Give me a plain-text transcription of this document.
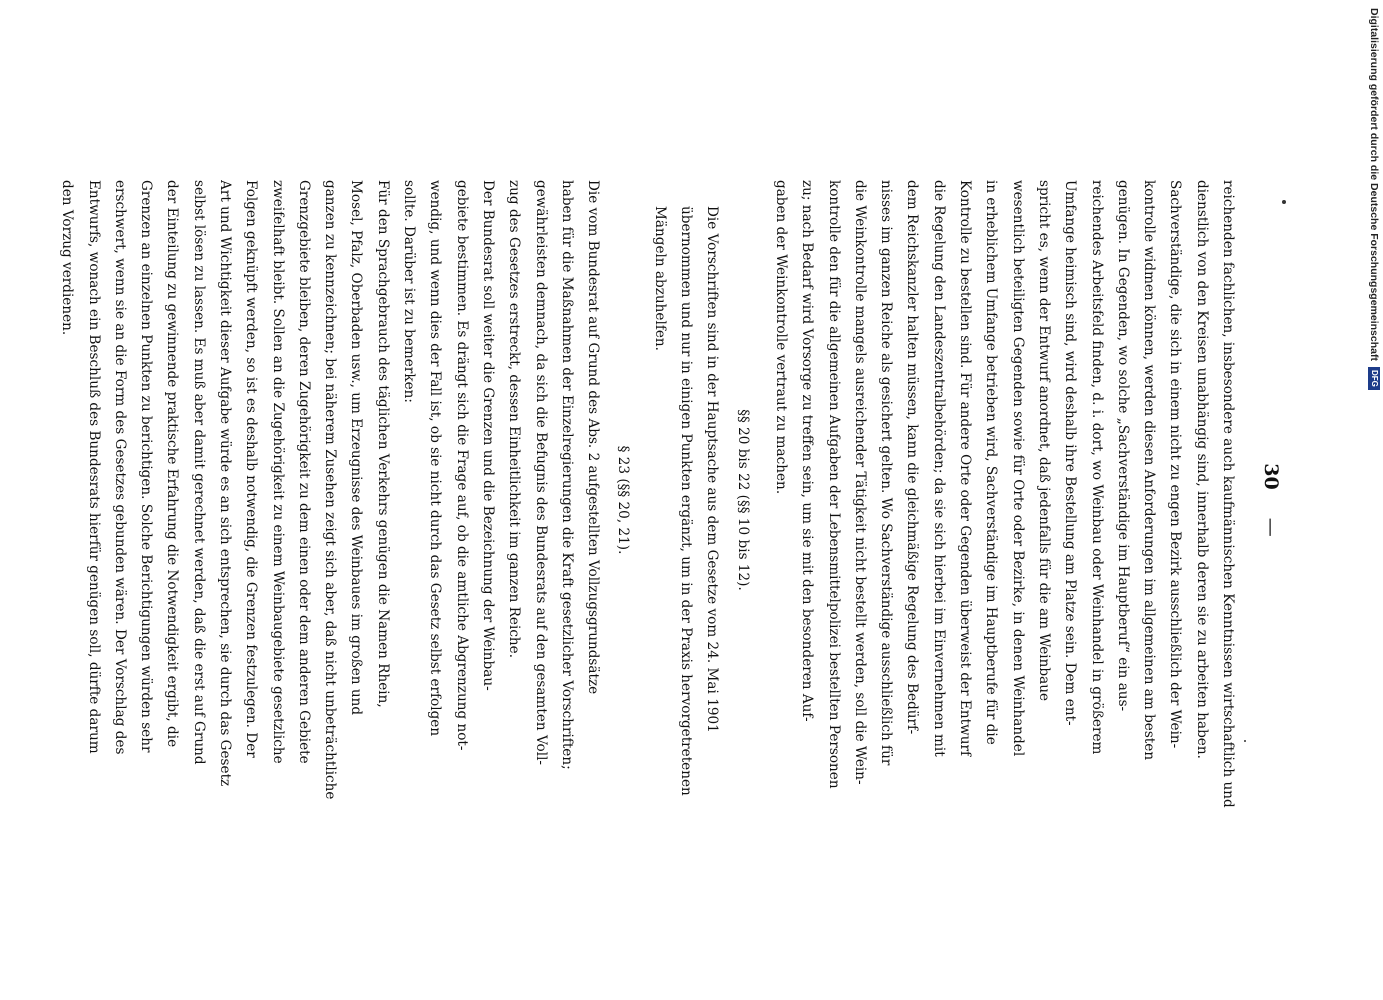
30
—

reichenden fachlichen, insbesondere auch kaufmännischen Kenntnissen wirtschaftlich und
dienstlich von den Kreisen unabhängig sind, innerhalb deren sie zu arbeiten haben.
Sachverständige, die sich in einem nicht zu engen Bezirk ausschließlich der Wein-
kontrolle widmen können, werden diesen Anforderungen im allgemeinen am besten
genügen. In Gegenden, wo solche „Sachverständige im Hauptberuf“ ein aus-
reichendes Arbeitsfeld finden, d. i. dort, wo Weinbau oder Weinhandel in größerem
Umfange heimisch sind, wird deshalb ihre Bestellung am Platze sein. Dem ent-
spricht es, wenn der Entwurf anordnet, daß jedenfalls für die am Weinbaue
wesentlich beteiligten Gegenden sowie für Orte oder Bezirke, in denen Weinhandel
in erheblichem Umfange betrieben wird, Sachverständige im Hauptberufe für die
Kontrolle zu bestellen sind. Für andere Orte oder Gegenden überweist der Entwurf
die Regelung den Landeszentralbehörden; da sie sich hierbei im Einvernehmen mit
dem Reichskanzler halten müssen, kann die gleichmäßige Regelung des Bedürf-
nisses im ganzen Reiche als gesichert gelten. Wo Sachverständige ausschließlich für
die Weinkontrolle mangels ausreichender Tätigkeit nicht bestellt werden, soll die Wein-
kontrolle den für die allgemeinen Aufgaben der Lebensmittelpolizei bestellten Personen
zu; nach Bedarf wird Vorsorge zu treffen sein, um sie mit den besonderen Auf-
gaben der Weinkontrolle vertraut zu machen.

§§ 20 bis 22 (§§ 10 bis 12).

Die Vorschriften sind in der Hauptsache aus dem Gesetze vom 24. Mai 1901
übernommen und nur in einigen Punkten ergänzt, um in der Praxis hervorgetretenen
Mängeln abzuhelfen.

§ 23 (§§ 20, 21).

Die vom Bundesrat auf Grund des Abs. 2 aufgestellten Vollzugsgrundsätze
haben für die Maßnahmen der Einzelregierungen die Kraft gesetzlicher Vorschriften;
gewährleisten demnach, da sich die Befugnis des Bundesrats auf den gesamten Voll-
zug des Gesetzes erstreckt, dessen Einheitlichkeit im ganzen Reiche.

Der Bundesrat soll weiter die Grenzen und die Bezeichnung der Weinbau-
gebiete bestimmen. Es drängt sich die Frage auf, ob die amtliche Abgrenzung not-
wendig, und wenn dies der Fall ist, ob sie nicht durch das Gesetz selbst erfolgen
sollte. Darüber ist zu bemerken:

Für den Sprachgebrauch des täglichen Verkehrs genügen die Namen Rhein,
Mosel, Pfalz, Oberbaden usw., um Erzeugnisse des Weinbaues im großen und
ganzen zu kennzeichnen; bei näherem Zusehen zeigt sich aber, daß nicht unbeträchtliche
Grenzgebiete bleiben, deren Zugehörigkeit zu dem einen oder dem anderen Gebiete
zweifelhaft bleibt. Sollen an die Zugehörigkeit zu einem Weinbaugebiete gesetzliche
Folgen geknüpft werden, so ist es deshalb notwendig, die Grenzen festzulegen. Der
Art und Wichtigkeit dieser Aufgabe würde es an sich entsprechen, sie durch das Gesetz
selbst lösen zu lassen. Es muß aber damit gerechnet werden, daß die erst auf Grund
der Einteilung zu gewinnende praktische Erfahrung die Notwendigkeit ergibt, die
Grenzen an einzelnen Punkten zu berichtigen. Solche Berichtigungen würden sehr
erschwert, wenn sie an die Form des Gesetzes gebunden wären. Der Vorschlag des
Entwurfs, wonach ein Beschluß des Bundesrats hierfür genügen soll, dürfte darum
den Vorzug verdienen.	Digitalisierung gefördert durch die Deutsche ForschungsgemeinschaftDFG
